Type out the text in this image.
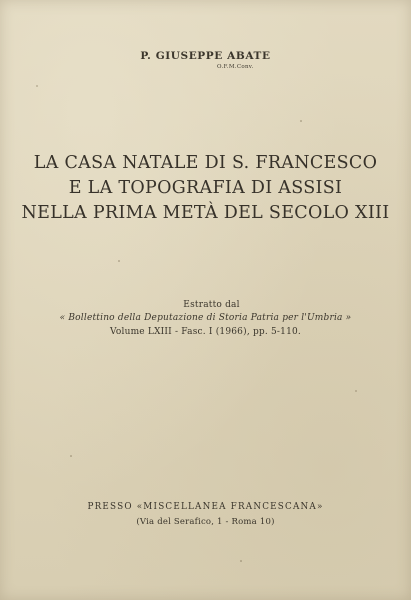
P. GIUSEPPE ABATE
O.F.M.Conv.
LA CASA NATALE DI S. FRANCESCO
E LA TOPOGRAFIA DI ASSISI
NELLA PRIMA METÀ DEL SECOLO XIII
Estratto dal
« Bollettino della Deputazione di Storia Patria per l'Umbria »
Volume LXIII - Fasc. I (1966), pp. 5-110.
PRESSO «MISCELLANEA FRANCESCANA»
(Via del Serafico, 1 - Roma 10)
